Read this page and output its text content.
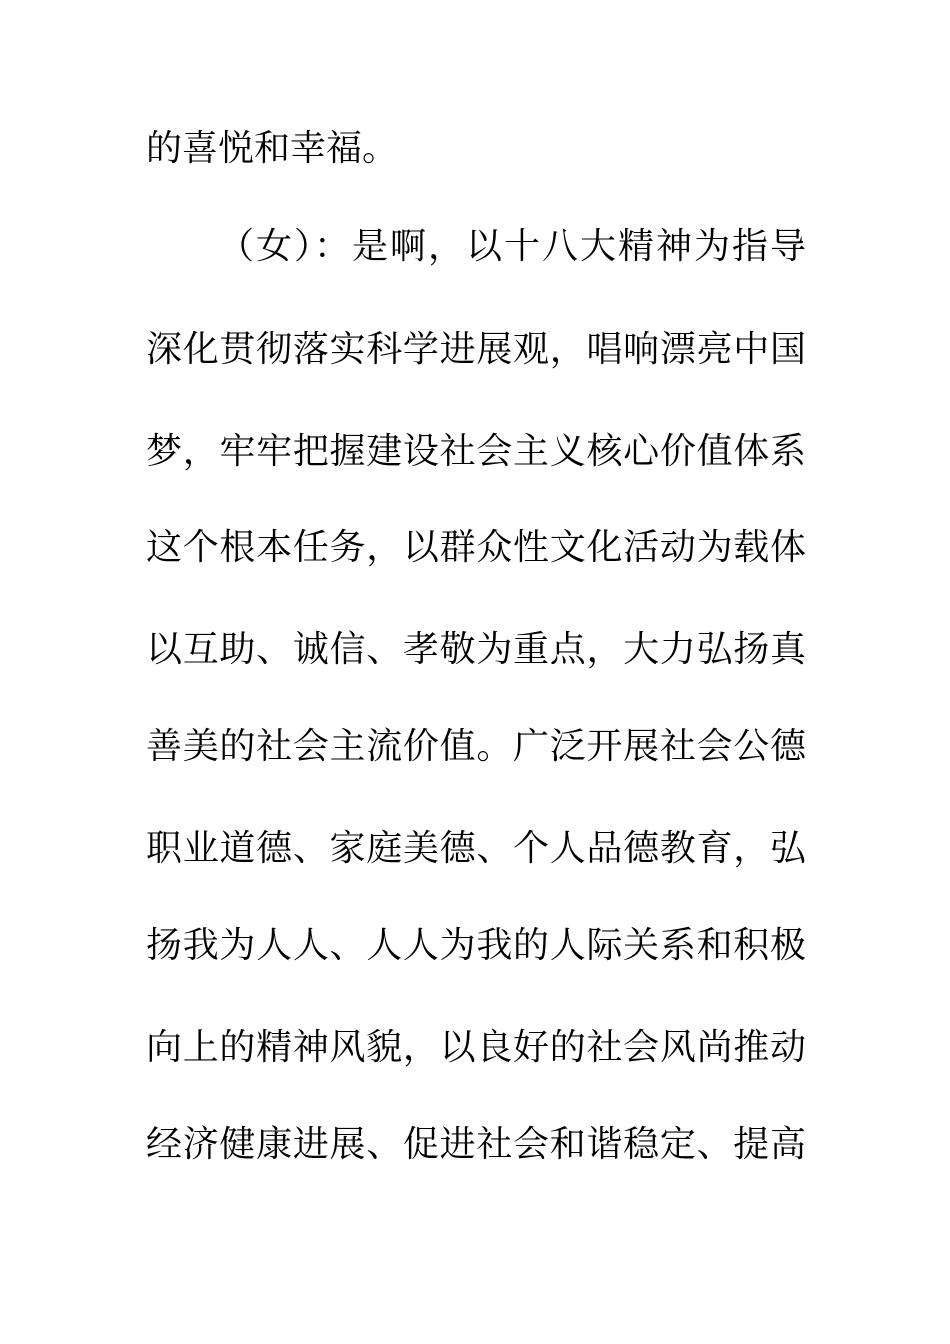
的喜悦和幸福。
（女）：是啊，以十八大精神为指导
深化贯彻落实科学进展观，唱响漂亮中国
梦，牢牢把握建设社会主义核心价值体系
这个根本任务，以群众性文化活动为载体
以互助、诚信、孝敬为重点，大力弘扬真
善美的社会主流价值。广泛开展社会公德
职业道德、家庭美德、个人品德教育，弘
扬我为人人、人人为我的人际关系和积极
向上的精神风貌，以良好的社会风尚推动
经济健康进展、促进社会和谐稳定、提高
